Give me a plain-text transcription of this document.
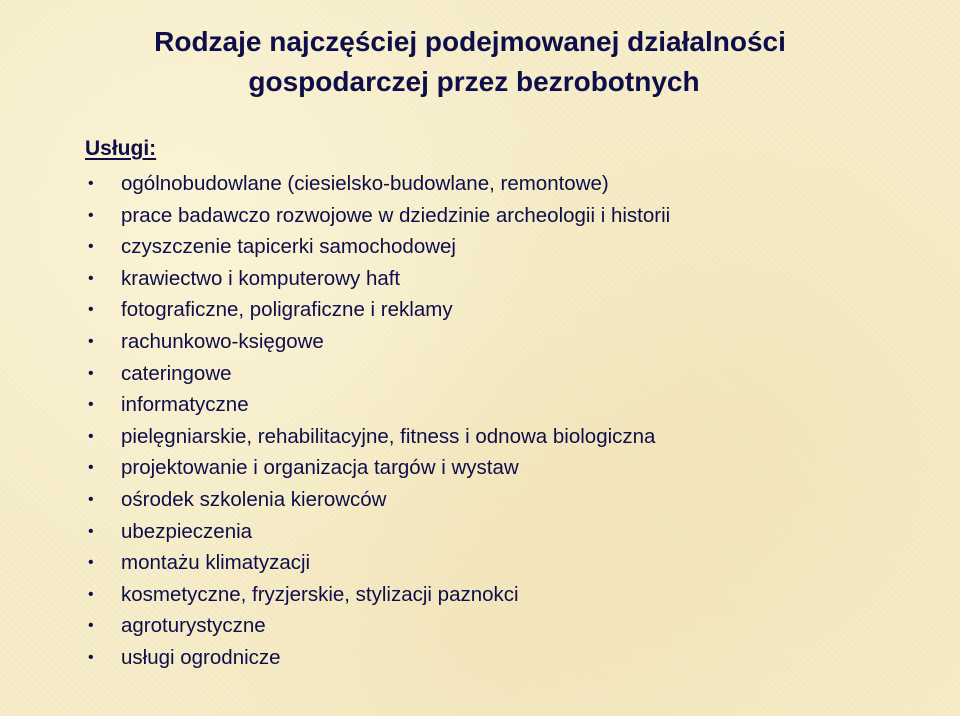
Rodzaje najczęściej podejmowanej działalności
gospodarczej przez bezrobotnych
Usługi:
• ogólnobudowlane (ciesielsko-budowlane, remontowe)
• prace badawczo rozwojowe w dziedzinie archeologii i historii
• czyszczenie tapicerki samochodowej
• krawiectwo i komputerowy haft
• fotograficzne, poligraficzne i reklamy
• rachunkowo-księgowe
• cateringowe
• informatyczne
• pielęgniarskie, rehabilitacyjne, fitness i odnowa biologiczna
• projektowanie i organizacja targów i wystaw
• ośrodek szkolenia kierowców
• ubezpieczenia
• montażu klimatyzacji
• kosmetyczne, fryzjerskie, stylizacji paznokci
• agroturystyczne
• usługi ogrodnicze
